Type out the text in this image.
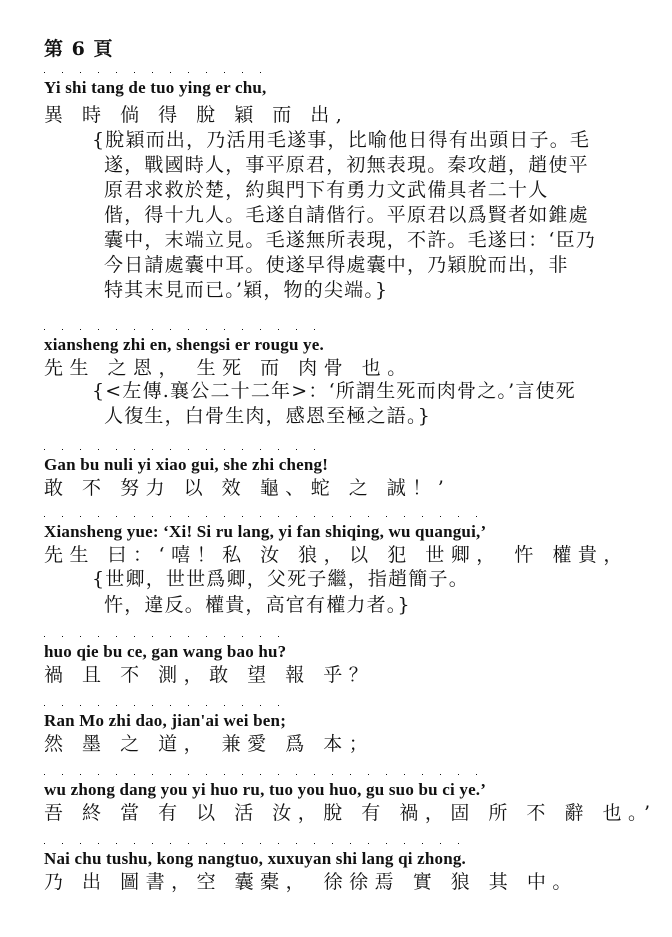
第 6 頁
Yi shi tang de tuo ying er chu,
異 時 倘 得 脫 穎 而 出,
{脫穎而出，乃活用毛遂事，比喻他日得有出頭日子。毛
遂，戰國時人，事平原君，初無表現。秦攻趙，趙使平
原君求救於楚，約與門下有勇力文武備具者二十人
偕，得十九人。毛遂自請偕行。平原君以爲賢者如錐處
囊中，末端立見。毛遂無所表現，不許。毛遂曰：‘臣乃
今日請處囊中耳。使遂早得處囊中，乃穎脫而出，非
特其末見而已。’穎，物的尖端。}
xiansheng zhi en, shengsi er rougu ye.
先生 之恩， 生死 而 肉骨 也。
{<左傳.襄公二十二年>：‘所謂生死而肉骨之。’言使死
人復生，白骨生肉，感恩至極之語。}
Gan bu nuli yi xiao gui, she zhi cheng!
敢 不 努力 以 效 龜、蛇 之 誠！’
Xiansheng yue: ‘Xi! Si ru lang, yi fan shiqing, wu quangui,’
先生 曰：‘嘻！私 汝 狼，以 犯 世卿， 忤 權貴，
{世卿，世世爲卿，父死子繼，指趙簡子。
忤，違反。權貴，高官有權力者。}
huo qie bu ce, gan wang bao hu?
禍 且 不 測，敢 望 報 乎？
Ran Mo zhi dao, jian'ai wei ben;
然 墨 之 道， 兼愛 爲 本；
wu zhong dang you yi huo ru, tuo you huo, gu suo bu ci ye.’
吾 終 當 有 以 活 汝，脫 有 禍，固 所 不 辭 也。’
Nai chu tushu, kong nangtuo, xuxuyan shi lang qi zhong.
乃 出 圖書，空 囊橐， 徐徐焉 實 狼 其 中。
